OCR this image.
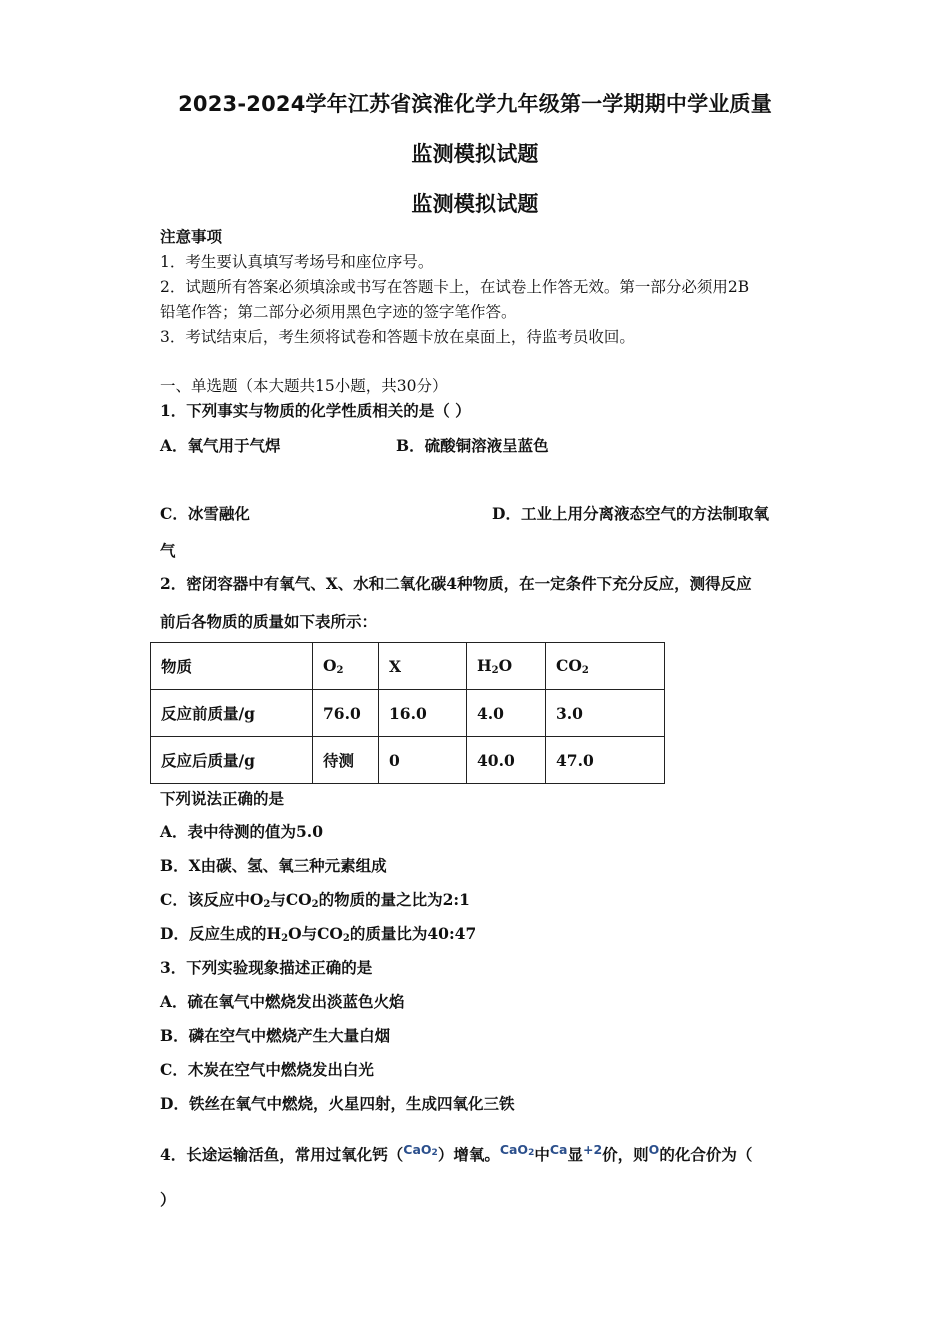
2023-2024学年江苏省滨淮化学九年级第一学期期中学业质量
监测模拟试题
监测模拟试题
注意事项
1．考生要认真填写考场号和座位序号。
2．试题所有答案必须填涂或书写在答题卡上，在试卷上作答无效。第一部分必须用2B
铅笔作答；第二部分必须用黑色字迹的签字笔作答。
3．考试结束后，考生须将试卷和答题卡放在桌面上，待监考员收回。
一、单选题（本大题共15小题，共30分）
1．下列事实与物质的化学性质相关的是（ ）
A．氧气用于气焊	B．硫酸铜溶液呈蓝色
C．冰雪融化	D．工业上用分离液态空气的方法制取氧
气
2．密闭容器中有氧气、X、水和二氧化碳4种物质，在一定条件下充分反应，测得反应
前后各物质的质量如下表所示：
物质	$O_2$	X	$H_2O$	$CO_2$
反应前质量/g	76.0	16.0	4.0	3.0
反应后质量/g	待测	0	40.0	47.0
下列说法正确的是
A．表中待测的值为5.0
B．X由碳、氢、氧三种元素组成
C．该反应中$O_2$与$CO_2$的物质的量之比为2:1
D．反应生成的$H_2O$与$CO_2$的质量比为40:47
3．下列实验现象描述正确的是
A．硫在氧气中燃烧发出淡蓝色火焰
B．磷在空气中燃烧产生大量白烟
C．木炭在空气中燃烧发出白光
D．铁丝在氧气中燃烧，火星四射，生成四氧化三铁
4．长途运输活鱼，常用过氧化钙（$^{CaO2}$）增氧。$^{CaO2}$中$^{Ca}$显$^{+2}$价，则$^O$的化合价为（
）
